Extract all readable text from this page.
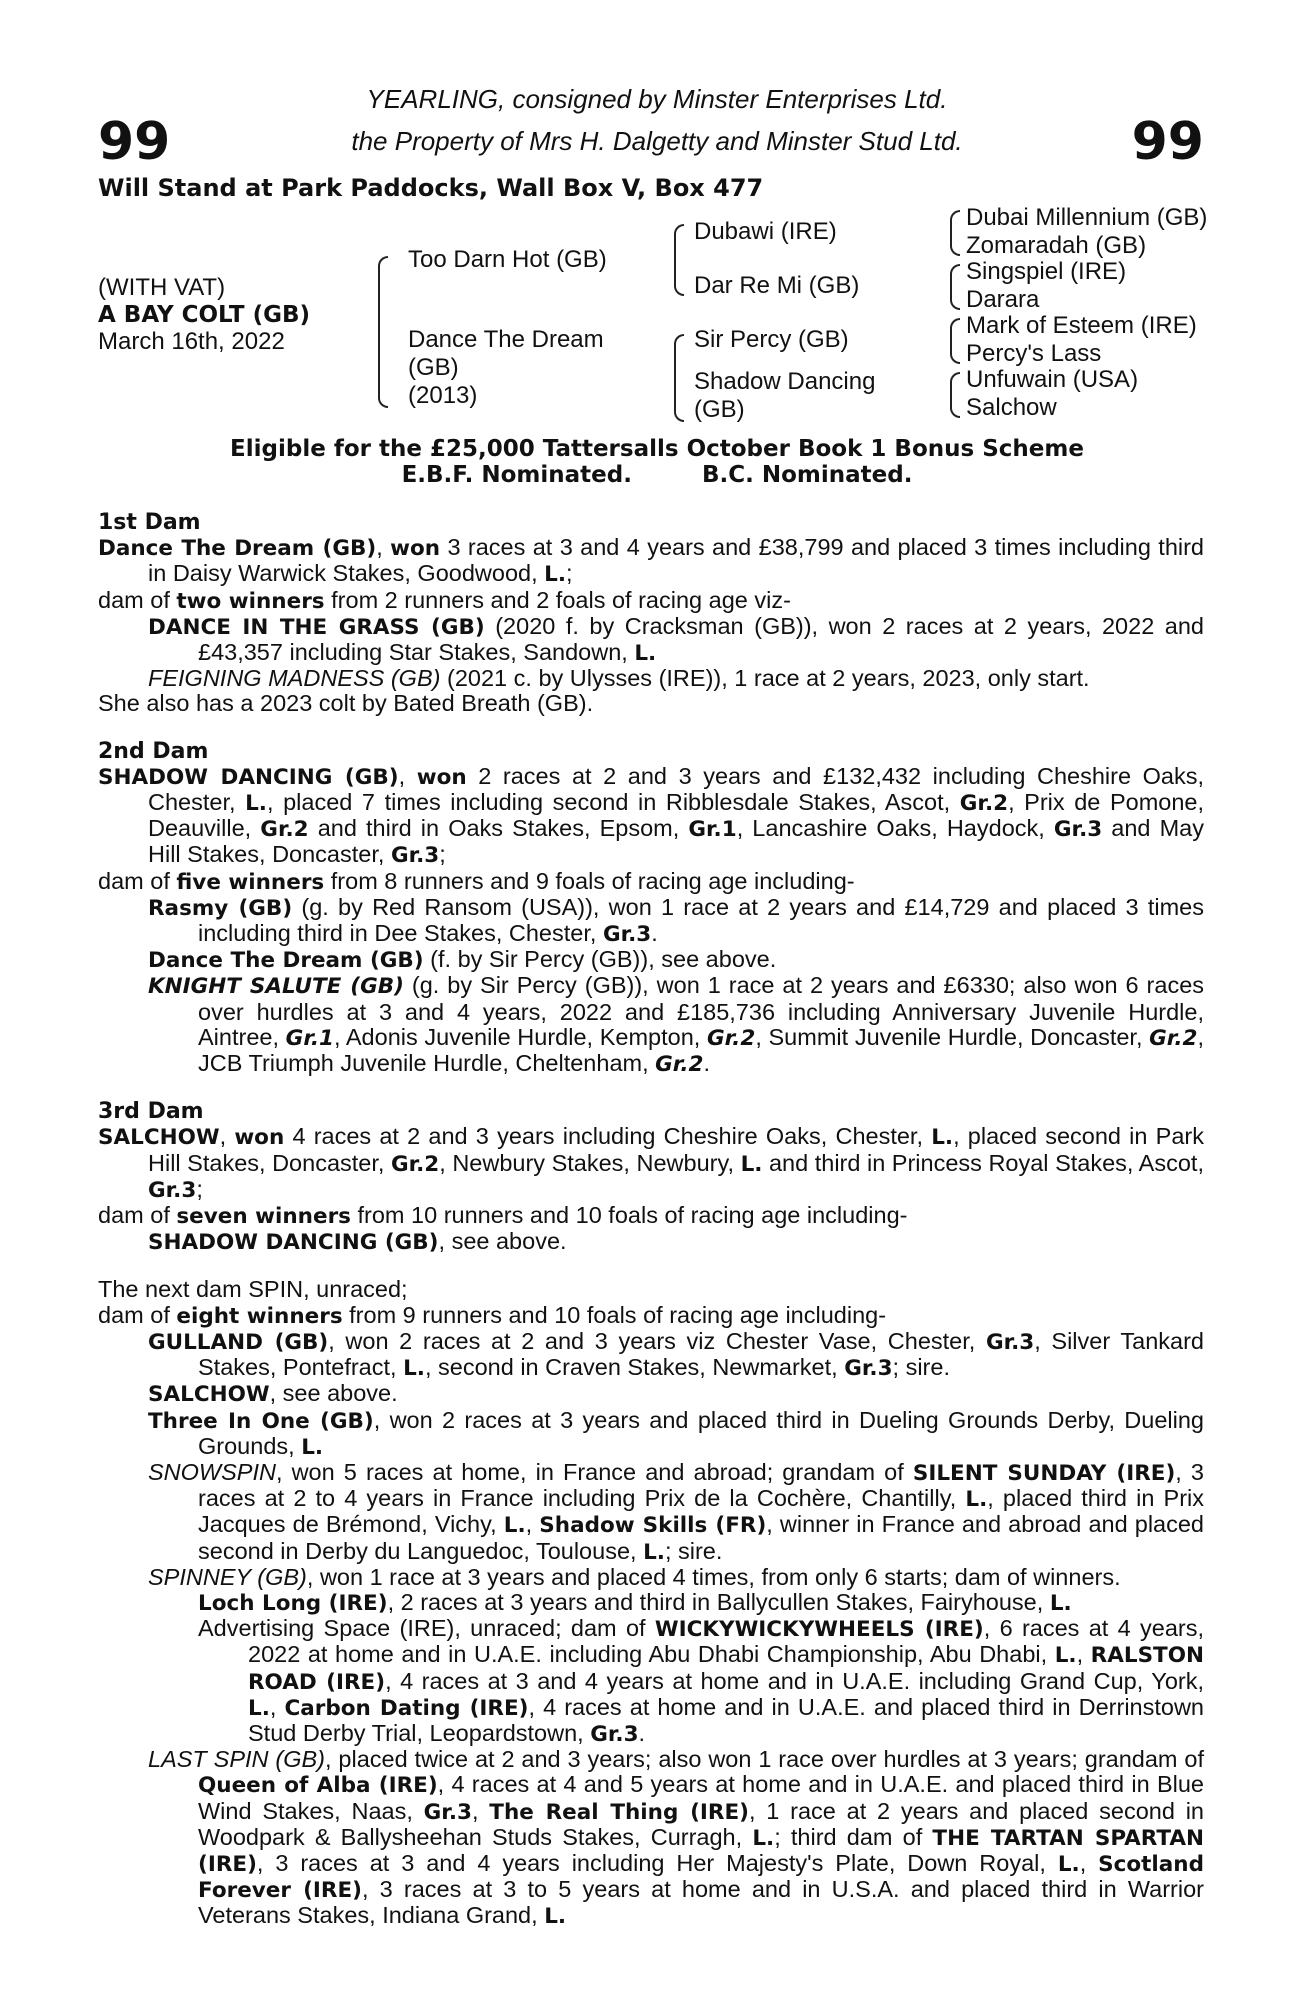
99	99
YEARLING, consigned by Minster Enterprises Ltd.
the Property of Mrs H. Dalgetty and Minster Stud Ltd.
Will Stand at Park Paddocks, Wall Box V, Box 477
(WITH VAT)
A BAY COLT (GB)
March 16th, 2022
Too Darn Hot (GB)
Dance The Dream
(GB)
(2013)
Dubawi (IRE)
Dar Re Mi (GB)
Sir Percy (GB)
Shadow Dancing
(GB)
Dubai Millennium (GB)
Zomaradah (GB)
Singspiel (IRE)
Darara
Mark of Esteem (IRE)
Percy's Lass
Unfuwain (USA)
Salchow
Eligible for the £25,000 Tattersalls October Book 1 Bonus Scheme
E.B.F. Nominated.	B.C. Nominated.
1st Dam

Dance The Dream (GB), won 3 races at 3 and 4 years and £38,799 and placed 3 times including third in Daisy Warwick Stakes, Goodwood, L.;

dam of two winners from 2 runners and 2 foals of racing age viz-

DANCE IN THE GRASS (GB) (2020 f. by Cracksman (GB)), won 2 races at 2 years, 2022 and £43,357 including Star Stakes, Sandown, L.

FEIGNING MADNESS (GB) (2021 c. by Ulysses (IRE)), 1 race at 2 years, 2023, only start.

She also has a 2023 colt by Bated Breath (GB).

2nd Dam

SHADOW DANCING (GB), won 2 races at 2 and 3 years and £132,432 including Cheshire Oaks, Chester, L., placed 7 times including second in Ribblesdale Stakes, Ascot, Gr.2, Prix de Pomone, Deauville, Gr.2 and third in Oaks Stakes, Epsom, Gr.1, Lancashire Oaks, Haydock, Gr.3 and May Hill Stakes, Doncaster, Gr.3;

dam of five winners from 8 runners and 9 foals of racing age including-

Rasmy (GB) (g. by Red Ransom (USA)), won 1 race at 2 years and £14,729 and placed 3 times including third in Dee Stakes, Chester, Gr.3.

Dance The Dream (GB) (f. by Sir Percy (GB)), see above.

KNIGHT SALUTE (GB) (g. by Sir Percy (GB)), won 1 race at 2 years and £6330; also won 6 races over hurdles at 3 and 4 years, 2022 and £185,736 including Anniversary Juvenile Hurdle, Aintree, Gr.1, Adonis Juvenile Hurdle, Kempton, Gr.2, Summit Juvenile Hurdle, Doncaster, Gr.2, JCB Triumph Juvenile Hurdle, Cheltenham, Gr.2.

3rd Dam

SALCHOW, won 4 races at 2 and 3 years including Cheshire Oaks, Chester, L., placed second in Park Hill Stakes, Doncaster, Gr.2, Newbury Stakes, Newbury, L. and third in Princess Royal Stakes, Ascot, Gr.3;

dam of seven winners from 10 runners and 10 foals of racing age including-

SHADOW DANCING (GB), see above.

The next dam SPIN, unraced;

dam of eight winners from 9 runners and 10 foals of racing age including-

GULLAND (GB), won 2 races at 2 and 3 years viz Chester Vase, Chester, Gr.3, Silver Tankard Stakes, Pontefract, L., second in Craven Stakes, Newmarket, Gr.3; sire.

SALCHOW, see above.

Three In One (GB), won 2 races at 3 years and placed third in Dueling Grounds Derby, Dueling Grounds, L.

SNOWSPIN, won 5 races at home, in France and abroad; grandam of SILENT SUNDAY (IRE), 3 races at 2 to 4 years in France including Prix de la Cochère, Chantilly, L., placed third in Prix Jacques de Brémond, Vichy, L., Shadow Skills (FR), winner in France and abroad and placed second in Derby du Languedoc, Toulouse, L.; sire.

SPINNEY (GB), won 1 race at 3 years and placed 4 times, from only 6 starts; dam of winners.

Loch Long (IRE), 2 races at 3 years and third in Ballycullen Stakes, Fairyhouse, L.

Advertising Space (IRE), unraced; dam of WICKYWICKYWHEELS (IRE), 6 races at 4 years, 2022 at home and in U.A.E. including Abu Dhabi Championship, Abu Dhabi, L., RALSTON ROAD (IRE), 4 races at 3 and 4 years at home and in U.A.E. including Grand Cup, York, L., Carbon Dating (IRE), 4 races at home and in U.A.E. and placed third in Derrinstown Stud Derby Trial, Leopardstown, Gr.3.

LAST SPIN (GB), placed twice at 2 and 3 years; also won 1 race over hurdles at 3 years; grandam of Queen of Alba (IRE), 4 races at 4 and 5 years at home and in U.A.E. and placed third in Blue Wind Stakes, Naas, Gr.3, The Real Thing (IRE), 1 race at 2 years and placed second in Woodpark & Ballysheehan Studs Stakes, Curragh, L.; third dam of THE TARTAN SPARTAN (IRE), 3 races at 3 and 4 years including Her Majesty's Plate, Down Royal, L., Scotland Forever (IRE), 3 races at 3 to 5 years at home and in U.S.A. and placed third in Warrior Veterans Stakes, Indiana Grand, L.
